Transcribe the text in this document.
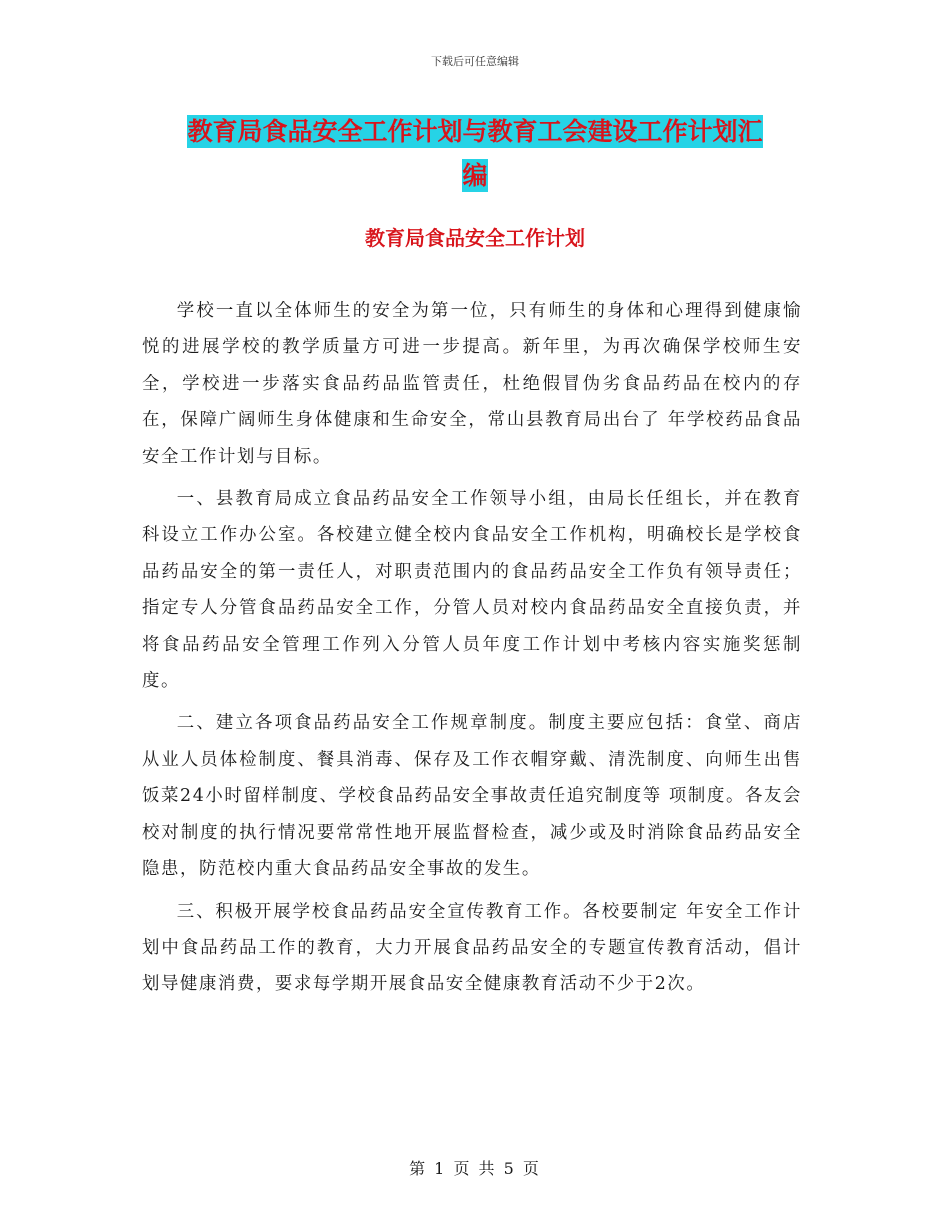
下载后可任意编辑
教育局食品安全工作计划与教育工会建设工作计划汇
编
教育局食品安全工作计划

学校一直以全体师生的安全为第一位，只有师生的身体和心理得到健康愉悦的进展学校的教学质量方可进一步提高。新年里，为再次确保学校师生安全，学校进一步落实食品药品监管责任，杜绝假冒伪劣食品药品在校内的存在，保障广阔师生身体健康和生命安全，常山县教育局出台了 年学校药品食品安全工作计划与目标。

一、县教育局成立食品药品安全工作领导小组，由局长任组长，并在教育科设立工作办公室。各校建立健全校内食品安全工作机构，明确校长是学校食品药品安全的第一责任人，对职责范围内的食品药品安全工作负有领导责任；指定专人分管食品药品安全工作，分管人员对校内食品药品安全直接负责，并将食品药品安全管理工作列入分管人员年度工作计划中考核内容实施奖惩制度。

二、建立各项食品药品安全工作规章制度。制度主要应包括：食堂、商店从业人员体检制度、餐具消毒、保存及工作衣帽穿戴、清洗制度、向师生出售饭菜24小时留样制度、学校食品药品安全事故责任追究制度等 项制度。各友会校对制度的执行情况要常常性地开展监督检查，减少或及时消除食品药品安全隐患，防范校内重大食品药品安全事故的发生。

三、积极开展学校食品药品安全宣传教育工作。各校要制定 年安全工作计划中食品药品工作的教育，大力开展食品药品安全的专题宣传教育活动，倡计划导健康消费，要求每学期开展食品安全健康教育活动不少于2次。

第 1 页 共 5 页
